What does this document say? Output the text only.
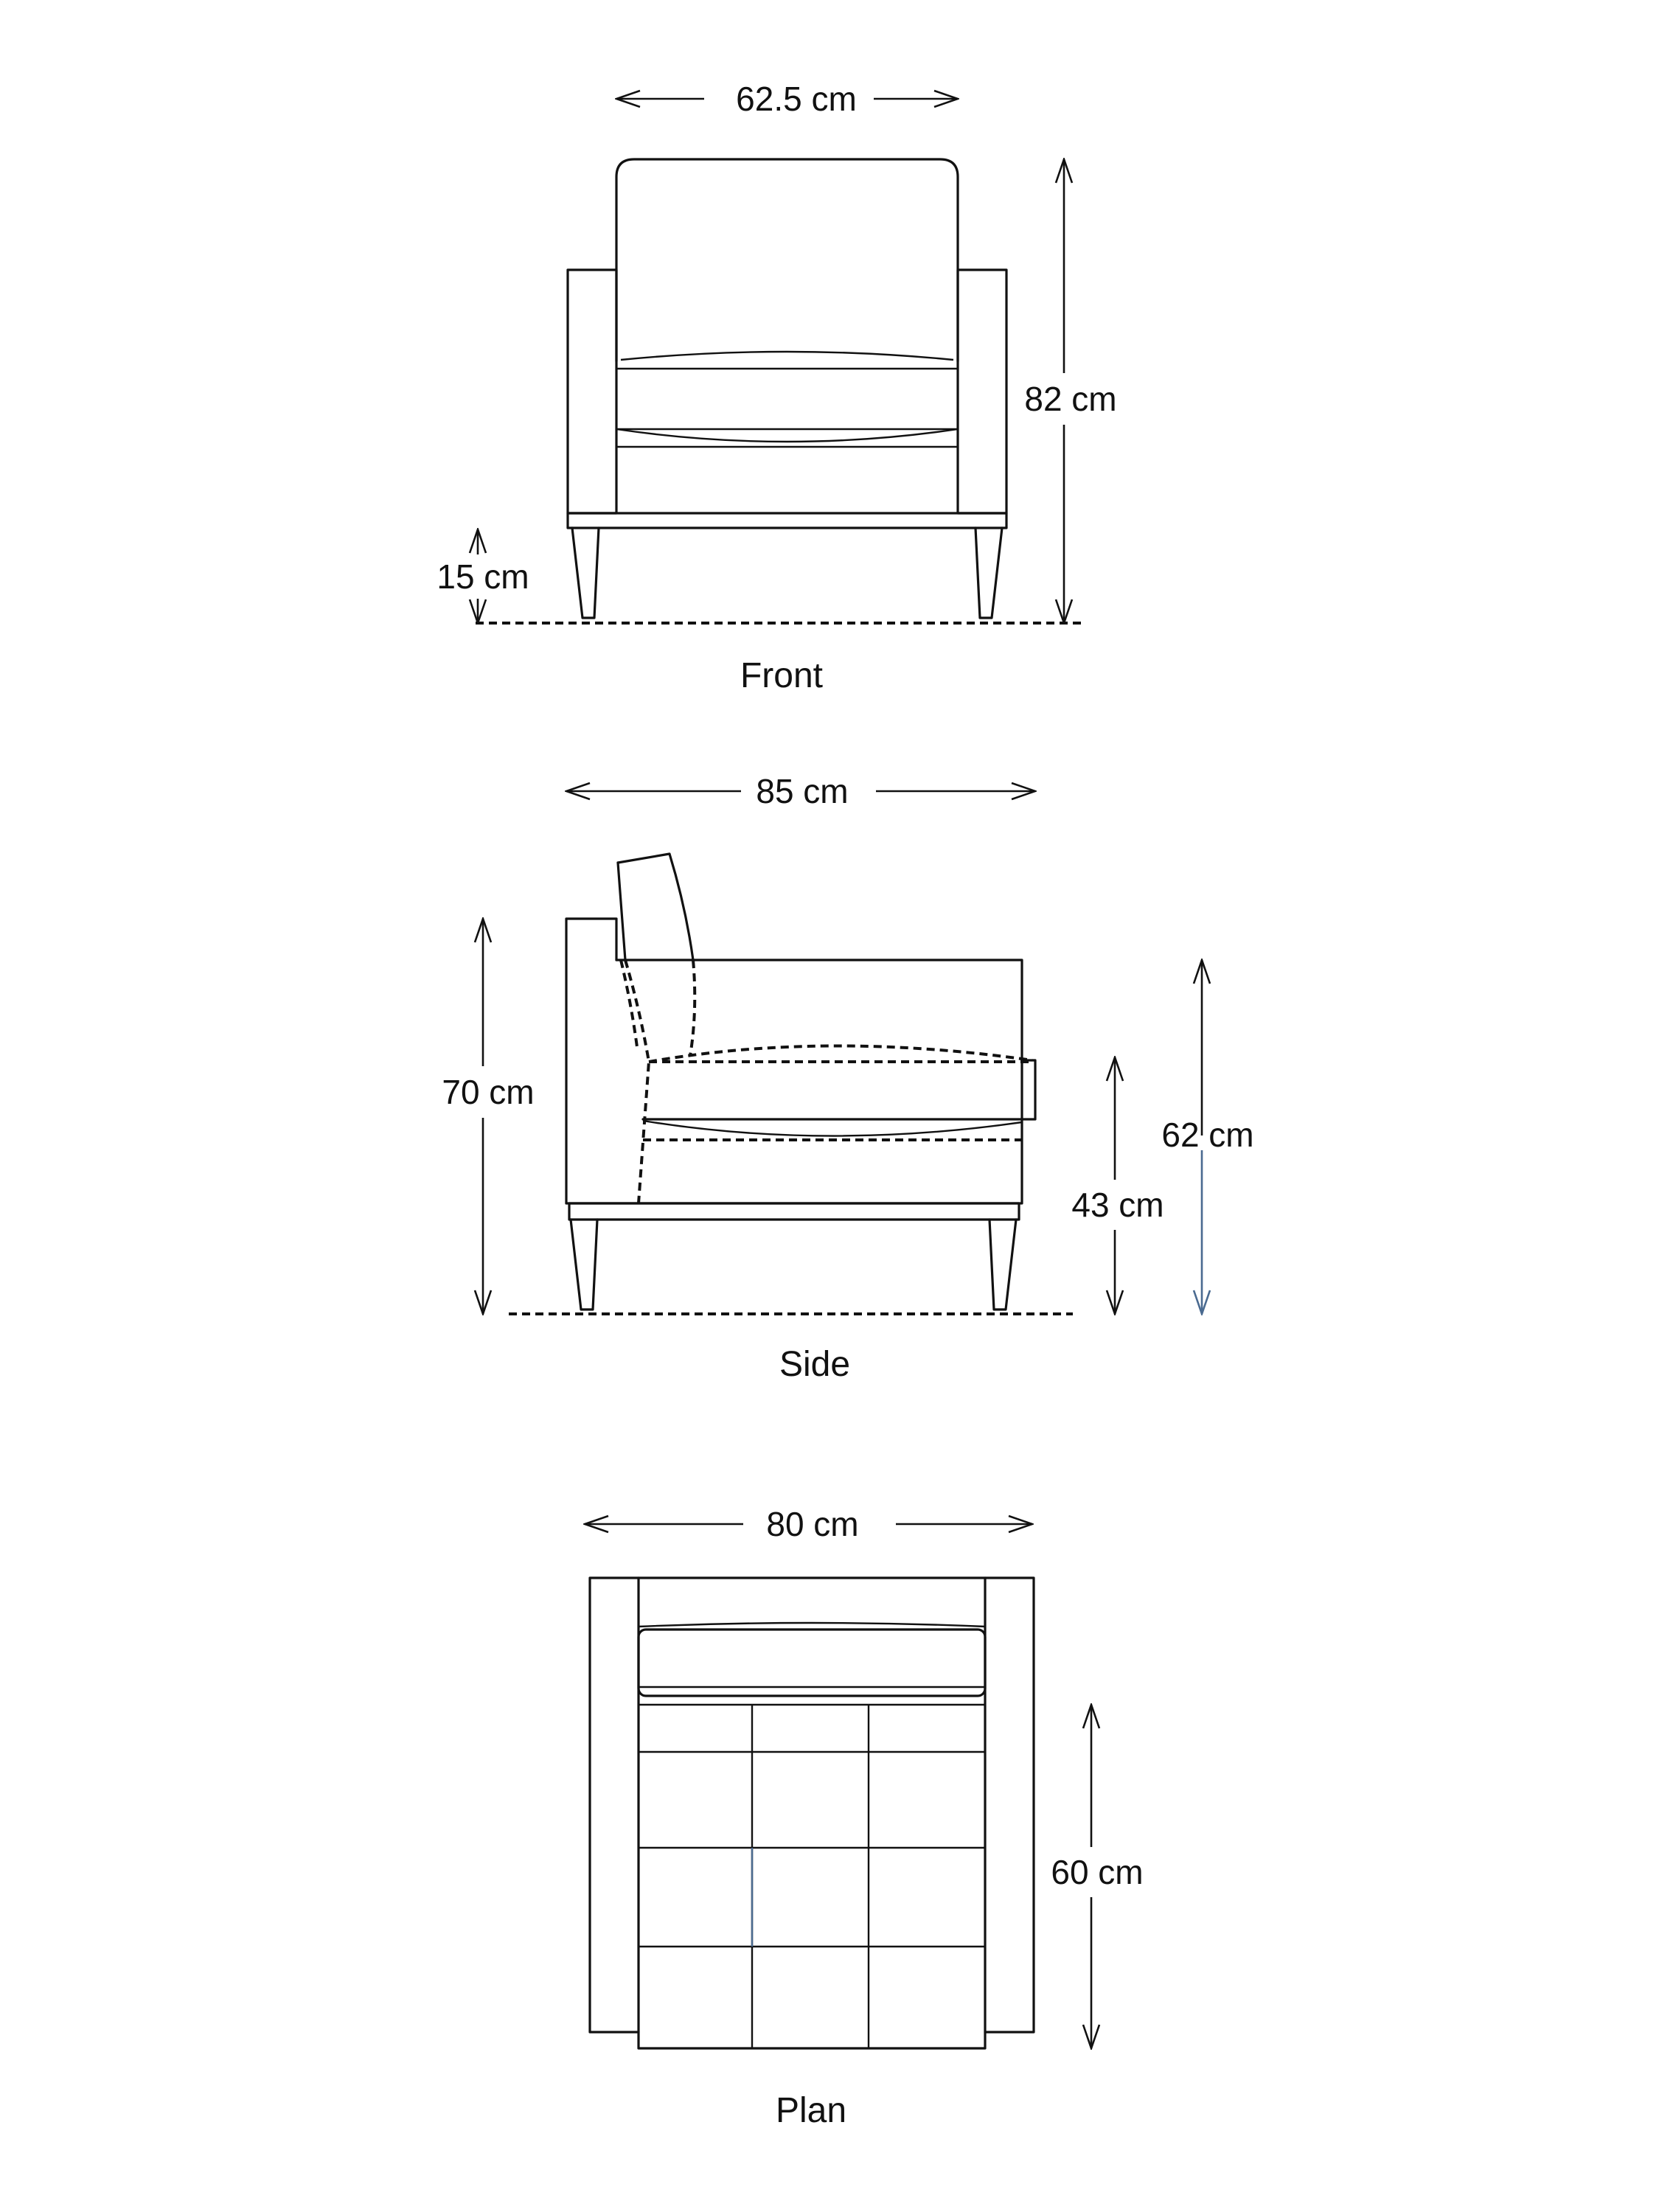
62.5 cm
82 cm
15 cm
Front
85 cm
70 cm
43 cm
62 cm
Side
80 cm
60 cm
Plan
